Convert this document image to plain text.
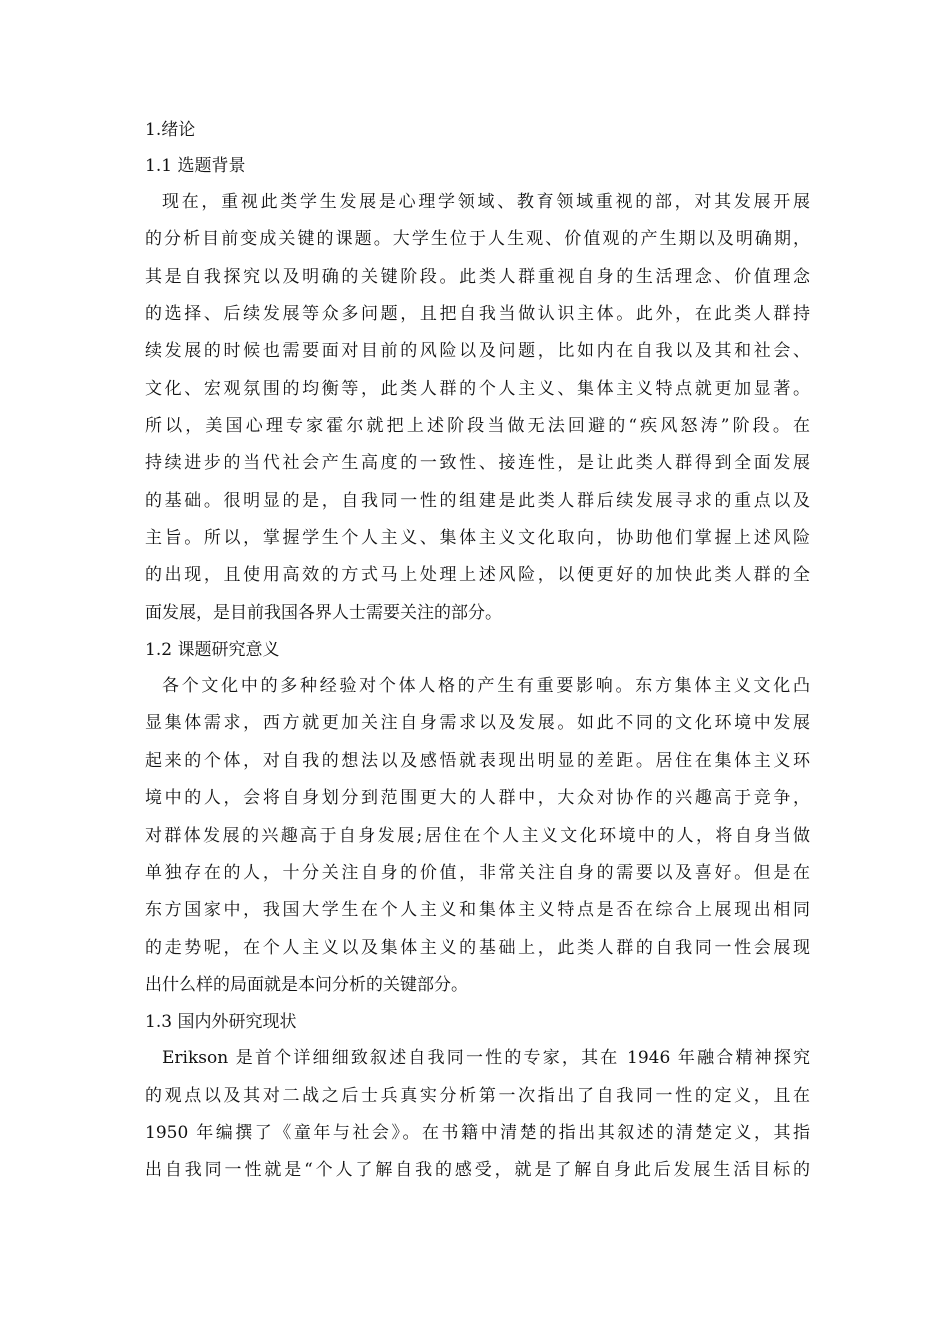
1.绪论
1.1 选题背景
现在，重视此类学生发展是心理学领域、教育领域重视的部，对其发展开展
的分析目前变成关键的课题。大学生位于人生观、价值观的产生期以及明确期，
其是自我探究以及明确的关键阶段。此类人群重视自身的生活理念、价值理念
的选择、后续发展等众多问题，且把自我当做认识主体。此外，在此类人群持
续发展的时候也需要面对目前的风险以及问题，比如内在自我以及其和社会、
文化、宏观氛围的均衡等，此类人群的个人主义、集体主义特点就更加显著。
所以，美国心理专家霍尔就把上述阶段当做无法回避的“疾风怒涛”阶段。在
持续进步的当代社会产生高度的一致性、接连性，是让此类人群得到全面发展
的基础。很明显的是，自我同一性的组建是此类人群后续发展寻求的重点以及
主旨。所以，掌握学生个人主义、集体主义文化取向，协助他们掌握上述风险
的出现，且使用高效的方式马上处理上述风险，以便更好的加快此类人群的全
面发展，是目前我国各界人士需要关注的部分。
1.2 课题研究意义
各个文化中的多种经验对个体人格的产生有重要影响。东方集体主义文化凸
显集体需求，西方就更加关注自身需求以及发展。如此不同的文化环境中发展
起来的个体，对自我的想法以及感悟就表现出明显的差距。居住在集体主义环
境中的人，会将自身划分到范围更大的人群中，大众对协作的兴趣高于竞争，
对群体发展的兴趣高于自身发展;居住在个人主义文化环境中的人，将自身当做
单独存在的人，十分关注自身的价值，非常关注自身的需要以及喜好。但是在
东方国家中，我国大学生在个人主义和集体主义特点是否在综合上展现出相同
的走势呢，在个人主义以及集体主义的基础上，此类人群的自我同一性会展现
出什么样的局面就是本问分析的关键部分。
1.3 国内外研究现状
Erikson 是首个详细细致叙述自我同一性的专家，其在 1946 年融合精神探究
的观点以及其对二战之后士兵真实分析第一次指出了自我同一性的定义，且在
1950 年编撰了《童年与社会》。在书籍中清楚的指出其叙述的清楚定义，其指
出自我同一性就是“个人了解自我的感受，就是了解自身此后发展生活目标的
